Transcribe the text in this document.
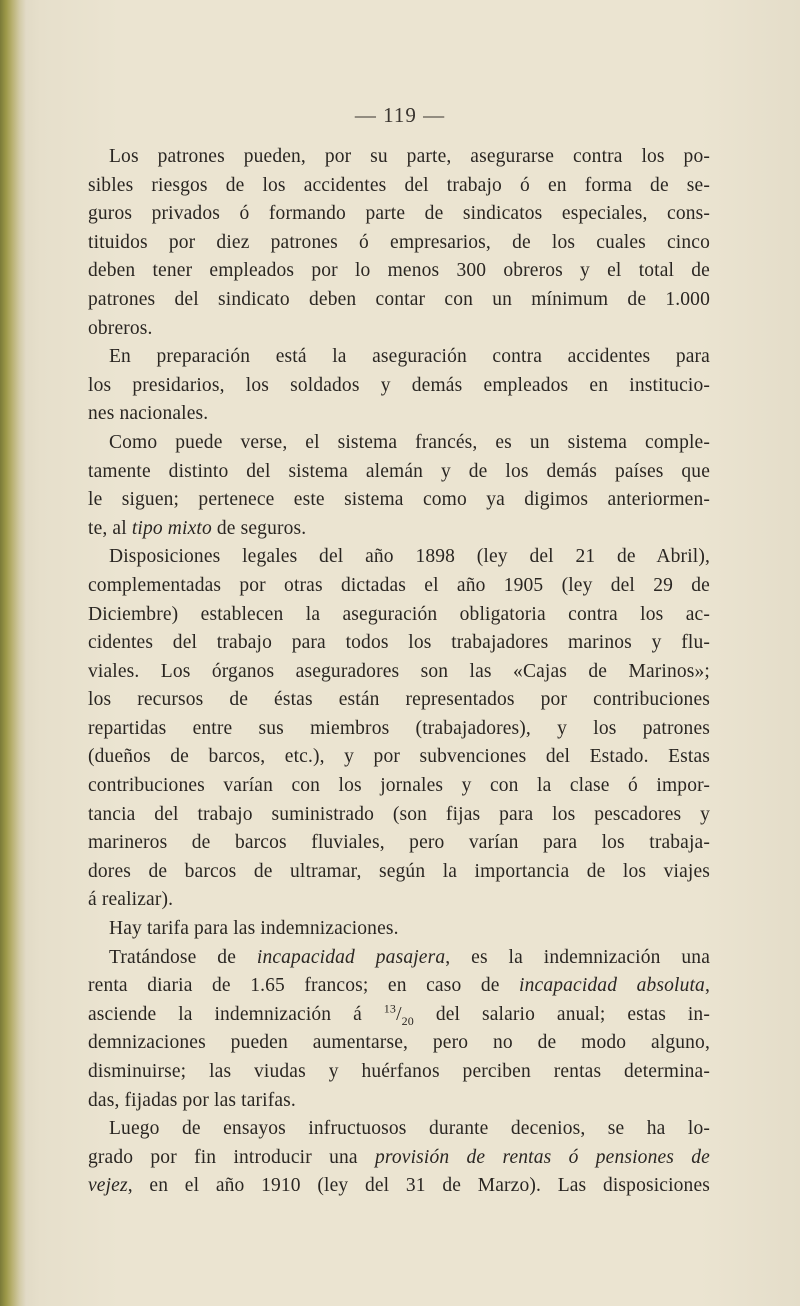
— 119 —
Los patrones pueden, por su parte, asegurarse contra los po-
sibles riesgos de los accidentes del trabajo ó en forma de se-
guros privados ó formando parte de sindicatos especiales, cons-
tituidos por diez patrones ó empresarios, de los cuales cinco
deben tener empleados por lo menos 300 obreros y el total de
patrones del sindicato deben contar con un mínimum de 1.000
obreros.
En preparación está la aseguración contra accidentes para
los presidarios, los soldados y demás empleados en institucio-
nes nacionales.
Como puede verse, el sistema francés, es un sistema comple-
tamente distinto del sistema alemán y de los demás países que
le siguen; pertenece este sistema como ya digimos anteriormen-
te, al tipo mixto de seguros.
Disposiciones legales del año 1898 (ley del 21 de Abril),
complementadas por otras dictadas el año 1905 (ley del 29 de
Diciembre) establecen la aseguración obligatoria contra los ac-
cidentes del trabajo para todos los trabajadores marinos y flu-
viales. Los órganos aseguradores son las «Cajas de Marinos»;
los recursos de éstas están representados por contribuciones
repartidas entre sus miembros (trabajadores), y los patrones
(dueños de barcos, etc.), y por subvenciones del Estado. Estas
contribuciones varían con los jornales y con la clase ó impor-
tancia del trabajo suministrado (son fijas para los pescadores y
marineros de barcos fluviales, pero varían para los trabaja-
dores de barcos de ultramar, según la importancia de los viajes
á realizar).
Hay tarifa para las indemnizaciones.
Tratándose de incapacidad pasajera, es la indemnización una
renta diaria de 1.65 francos; en caso de incapacidad absoluta,
asciende la indemnización á $^{13}/_{20}$ del salario anual; estas in-
demnizaciones pueden aumentarse, pero no de modo alguno,
disminuirse; las viudas y huérfanos perciben rentas determina-
das, fijadas por las tarifas.
Luego de ensayos infructuosos durante decenios, se ha lo-
grado por fin introducir una provisión de rentas ó pensiones de
vejez, en el año 1910 (ley del 31 de Marzo). Las disposiciones
